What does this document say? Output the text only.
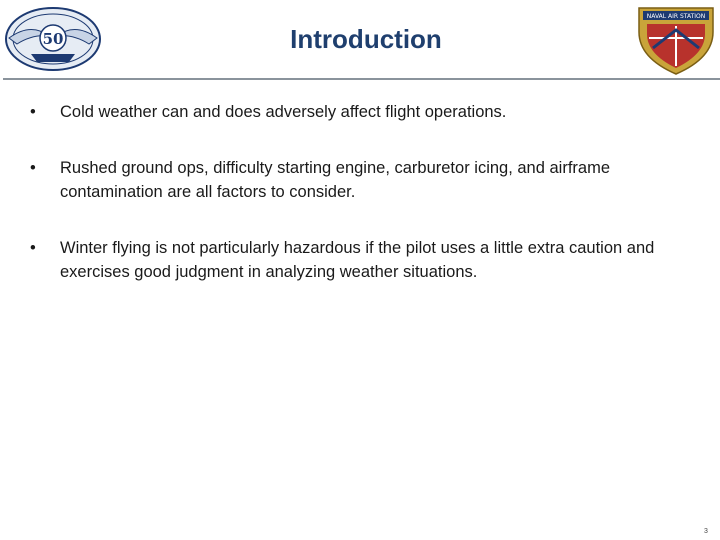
50	Introduction
NAVAL AIR STATION
• Cold weather can and does adversely affect flight operations.
• Rushed ground ops, difficulty starting engine, carburetor icing, and airframe contamination are all factors to consider.
• Winter flying is not particularly hazardous if the pilot uses a little extra caution and exercises good judgment in analyzing weather situations.
3
